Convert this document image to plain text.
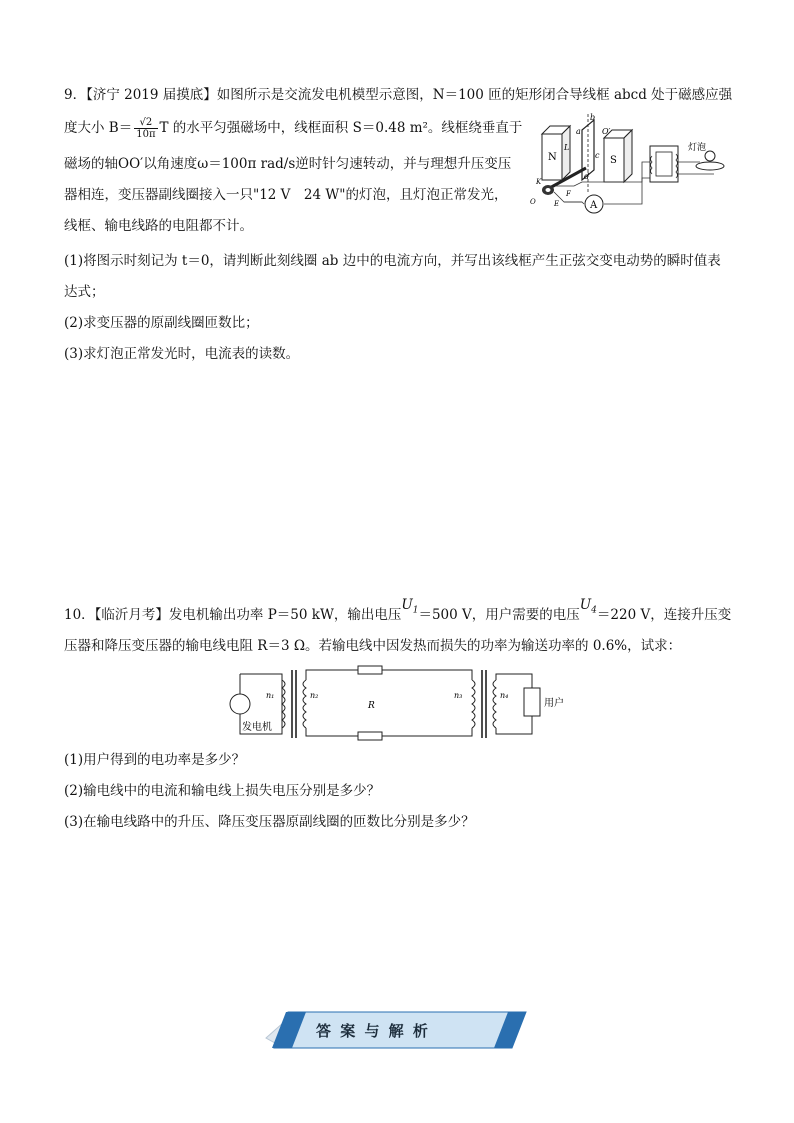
9．【济宁 2019 届摸底】如图所示是交流发电机模型示意图，N＝100 匝的矩形闭合导线框 abcd 处于磁感应强
度大小 $B= \frac{√2}{10\pi}$ T 的水平匀强磁场中，线框面积 S＝0.48 m²。线框绕垂直于
磁场的轴OO′以角速度ω＝100π rad/s逆时针匀速转动，并与理想升压变压
器相连，变压器副线圈接入一只"12 V　24 W"的灯泡，且灯泡正常发光，
线框、输电线路的电阻都不计。
(1)将图示时刻记为 t＝0，请判断此刻线圈 ab 边中的电流方向，并写出该线框产生正弦交变电动势的瞬时值表
达式；
(2)求变压器的原副线圈匝数比；
(3)求灯泡正常发光时，电流表的读数。
N	S
b
a
c
d
L
O′
K
O	E
F
A
灯泡
10．【临沂月考】发电机输出功率 P＝50 kW，输出电压$U_1=500$ V，用户需要的电压$U_4=220$ V，连接升压变
压器和降压变压器的输电线电阻 R＝3 Ω。若输电线中因发热而损失的功率为输送功率的 0.6%，试求：
发电机
n₁	n₂
R
n₃	n₄
用户
(1)用户得到的电功率是多少？
(2)输电线中的电流和输电线上损失电压分别是多少？
(3)在输电线路中的升压、降压变压器原副线圈的匝数比分别是多少？
答 案 与 解 析
